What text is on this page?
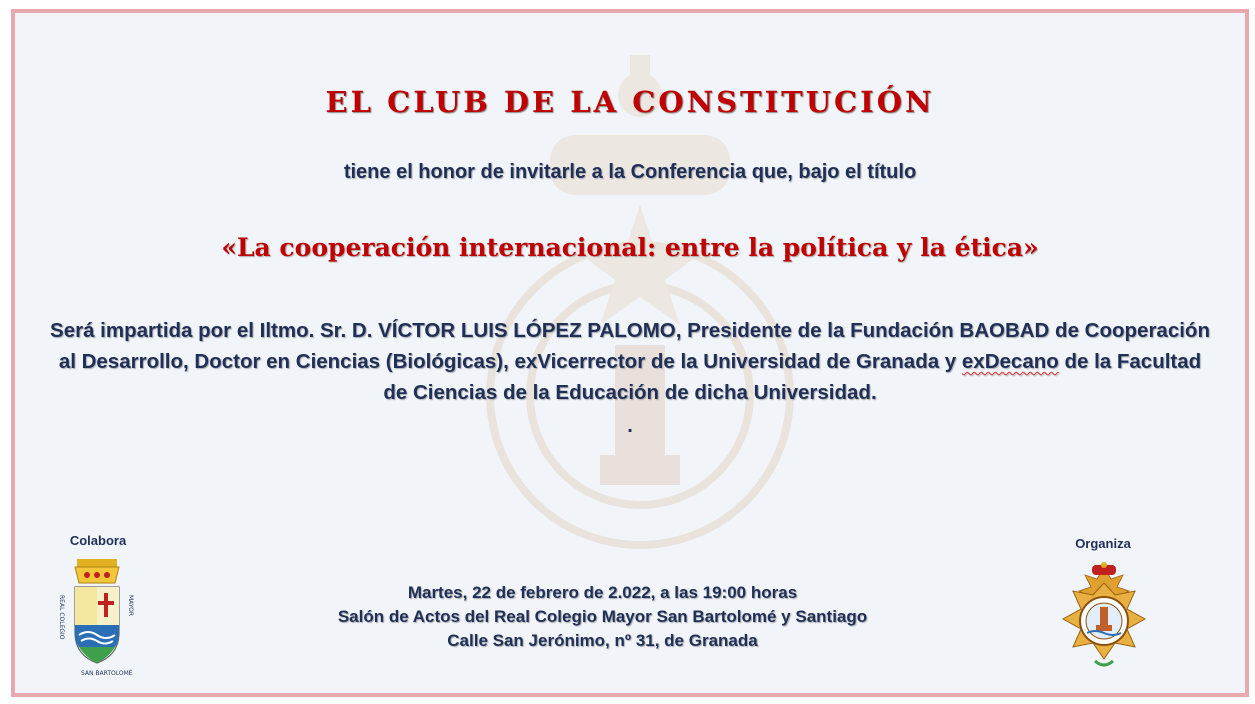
EL CLUB DE LA CONSTITUCIÓN
tiene el honor de invitarle a la Conferencia que, bajo el título
«La cooperación internacional: entre la política y la ética»
Será impartida por el Iltmo. Sr. D. VÍCTOR LUIS LÓPEZ PALOMO, Presidente de la Fundación BAOBAD de Cooperación al Desarrollo, Doctor en Ciencias (Biológicas), exVicerrector de la Universidad de Granada y exDecano de la Facultad de Ciencias de la Educación de dicha Universidad.
.
Colabora	Organiza
Martes, 22 de febrero de 2.022, a las 19:00 horas
Salón de Actos del Real Colegio Mayor San Bartolomé y Santiago
Calle San Jerónimo, nº 31, de Granada
REAL COLEGIO	MAYOR
SAN BARTOLOMÉ
